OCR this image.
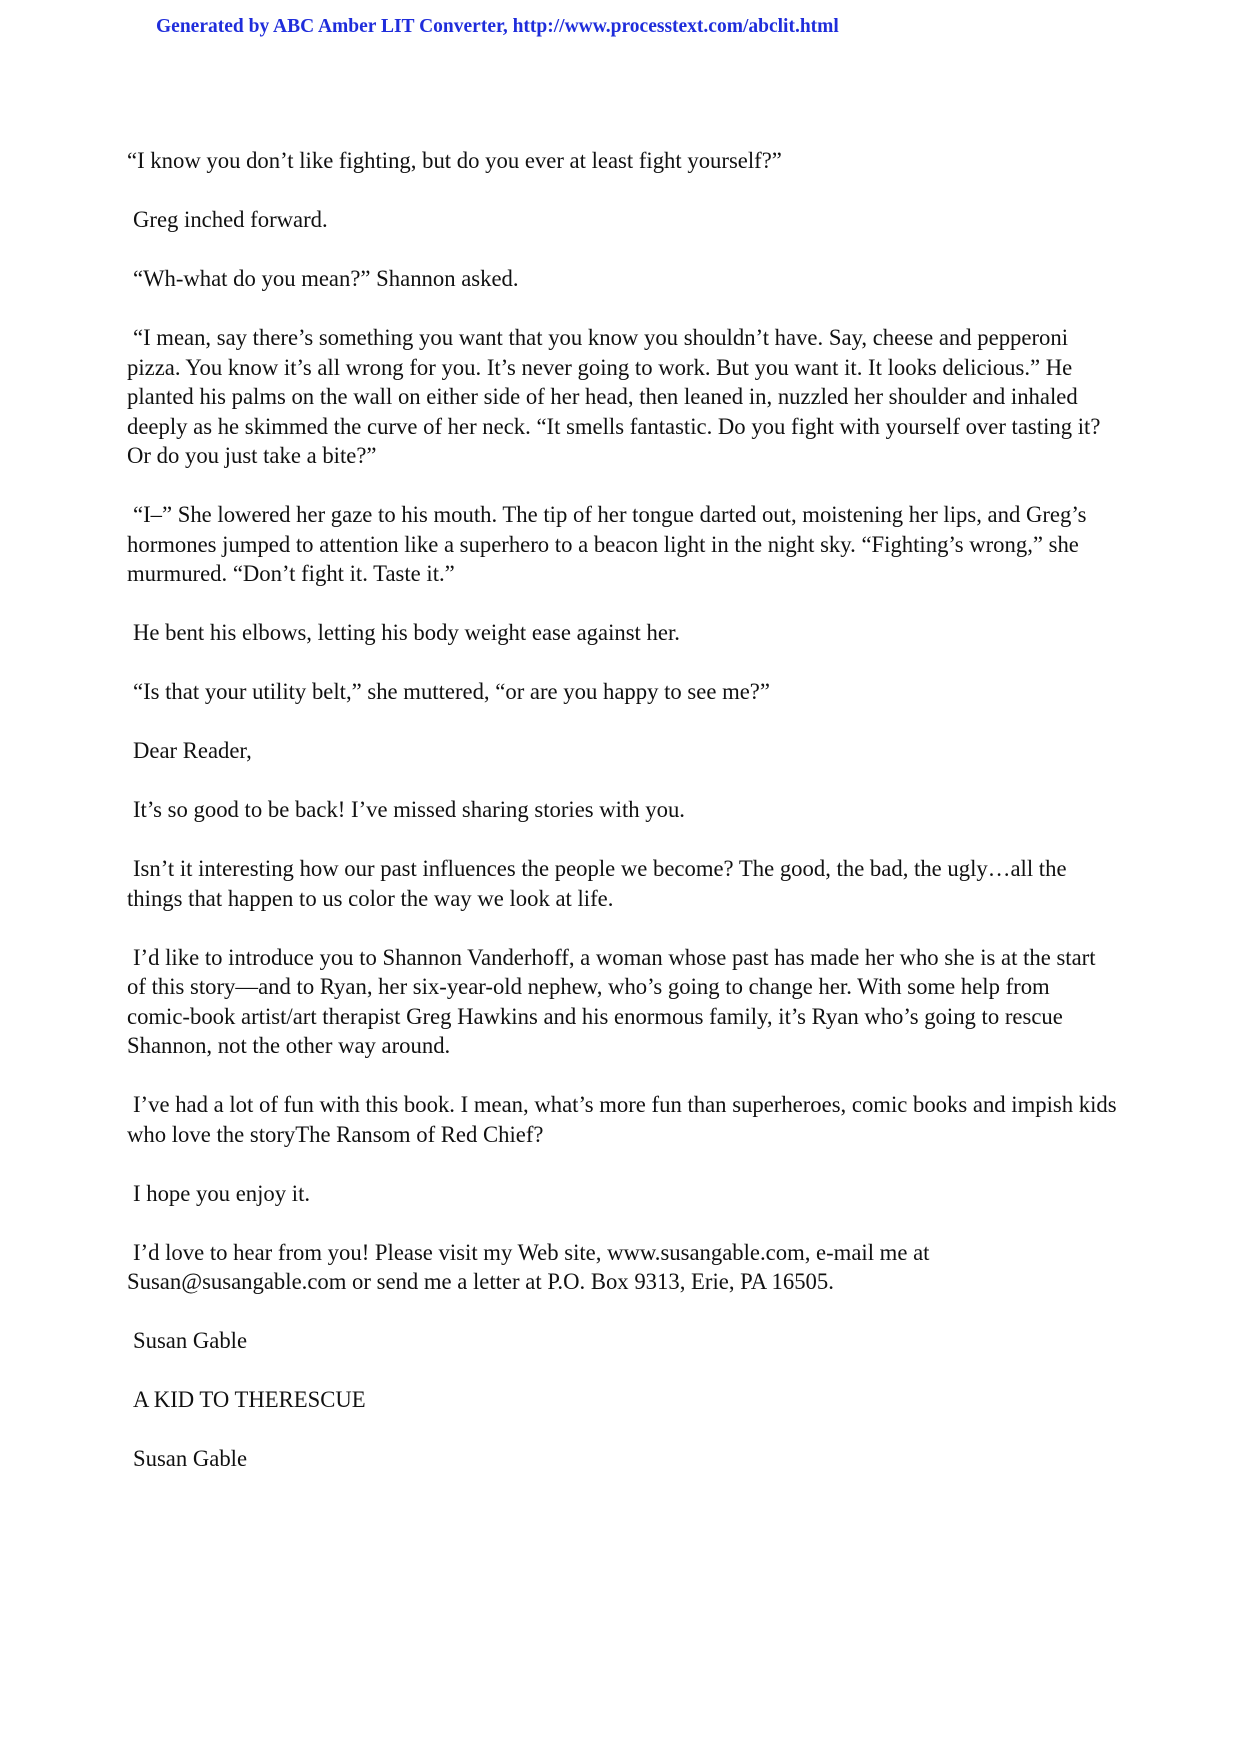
Generated by ABC Amber LIT Converter, http://www.processtext.com/abclit.html

“I know you don’t like fighting, but do you ever at least fight yourself?”

Greg inched forward.

“Wh-what do you mean?” Shannon asked.

“I mean, say there’s something you want that you know you shouldn’t have. Say, cheese and pepperoni pizza. You know it’s all wrong for you. It’s never going to work. But you want it. It looks delicious.” He planted his palms on the wall on either side of her head, then leaned in, nuzzled her shoulder and inhaled deeply as he skimmed the curve of her neck. “It smells fantastic. Do you fight with yourself over tasting it? Or do you just take a bite?”

“I–” She lowered her gaze to his mouth. The tip of her tongue darted out, moistening her lips, and Greg’s hormones jumped to attention like a superhero to a beacon light in the night sky. “Fighting’s wrong,” she murmured. “Don’t fight it. Taste it.”

He bent his elbows, letting his body weight ease against her.

“Is that your utility belt,” she muttered, “or are you happy to see me?”

Dear Reader,

It’s so good to be back! I’ve missed sharing stories with you.

Isn’t it interesting how our past influences the people we become? The good, the bad, the ugly…all the things that happen to us color the way we look at life.

I’d like to introduce you to Shannon Vanderhoff, a woman whose past has made her who she is at the start of this story—and to Ryan, her six-year-old nephew, who’s going to change her. With some help from comic-book artist/art therapist Greg Hawkins and his enormous family, it’s Ryan who’s going to rescue Shannon, not the other way around.

I’ve had a lot of fun with this book. I mean, what’s more fun than superheroes, comic books and impish kids who love the storyThe Ransom of Red Chief?

I hope you enjoy it.

I’d love to hear from you! Please visit my Web site, www.susangable.com, e-mail me at Susan@susangable.com or send me a letter at P.O. Box 9313, Erie, PA 16505.

Susan Gable

A KID TO THERESCUE

Susan Gable
